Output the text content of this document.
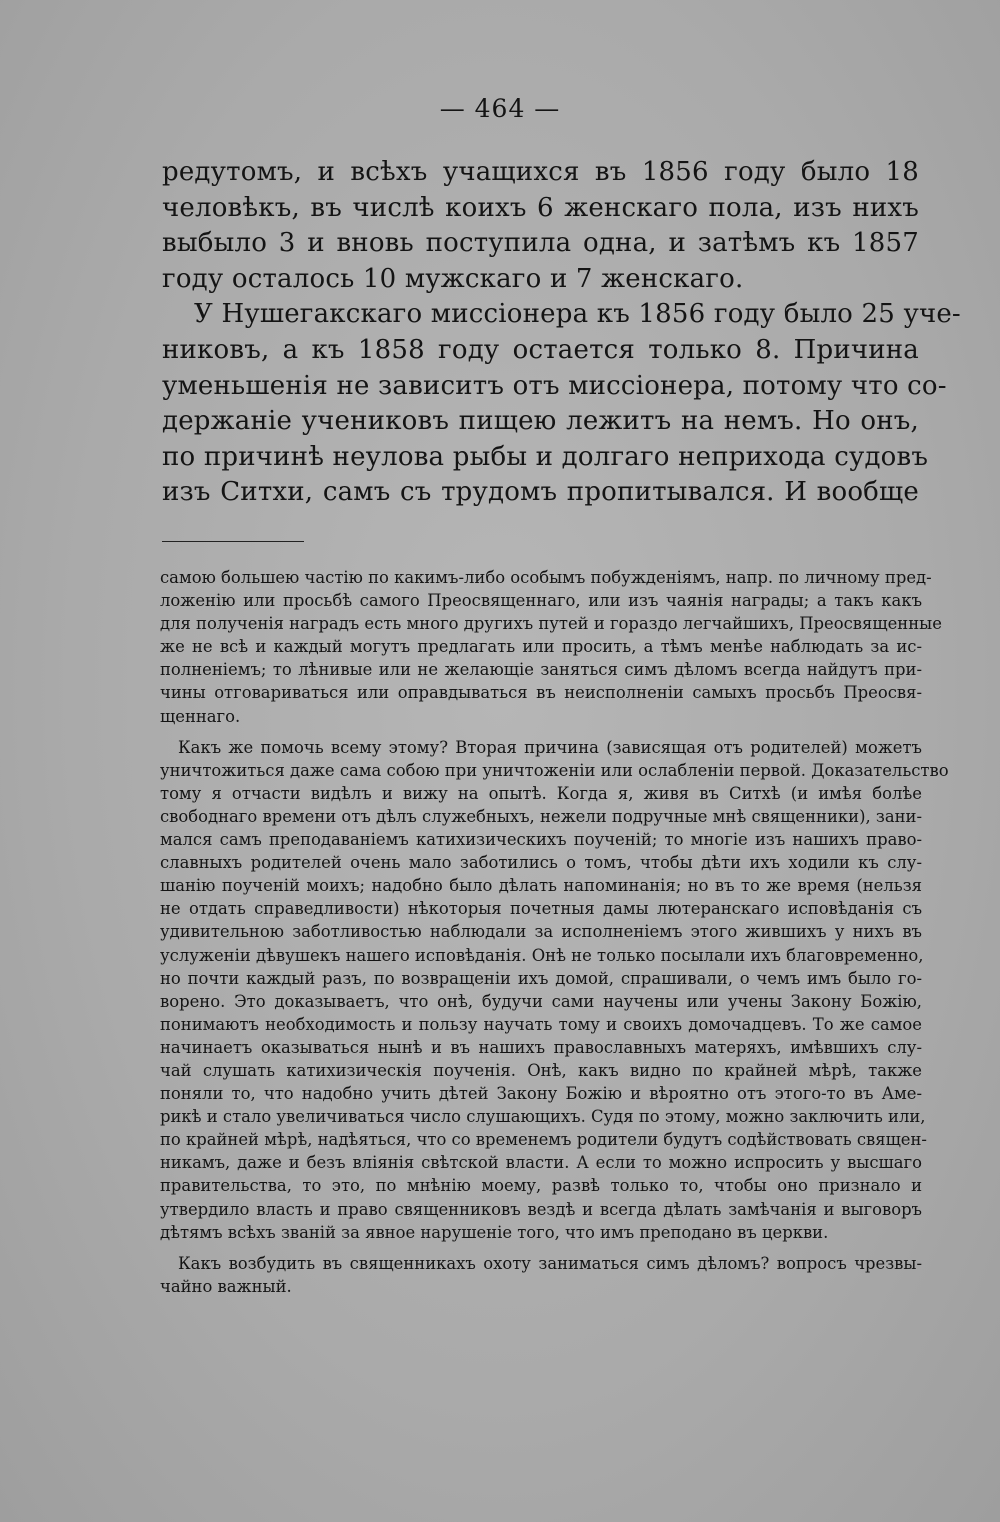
— 464 —
редутомъ, и всѣхъ учащихся въ 1856 году было 18
человѣкъ, въ числѣ коихъ 6 женскаго пола, изъ нихъ
выбыло 3 и вновь поступила одна, и затѣмъ къ 1857
году осталось 10 мужскаго и 7 женскаго.
У Нушегакскаго миссіонера къ 1856 году было 25 уче-
никовъ, а къ 1858 году остается только 8. Причина
уменьшенія не зависитъ отъ миссіонера, потому что со-
держаніе учениковъ пищею лежитъ на немъ. Но онъ,
по причинѣ неулова рыбы и долгаго неприхода судовъ
изъ Ситхи, самъ съ трудомъ пропитывался. И вообще
самою большею частію по какимъ-либо особымъ побужденіямъ, напр. по личному пред-
ложенію или просьбѣ самого Преосвященнаго, или изъ чаянія награды; а такъ какъ
для полученія наградъ есть много другихъ путей и гораздо легчайшихъ, Преосвященные
же не всѣ и каждый могутъ предлагать или просить, а тѣмъ менѣе наблюдать за ис-
полненіемъ; то лѣнивые или не желающіе заняться симъ дѣломъ всегда найдутъ при-
чины отговариваться или оправдываться въ неисполненіи самыхъ просьбъ Преосвя-
щеннаго.
Какъ же помочь всему этому? Вторая причина (зависящая отъ родителей) можетъ
уничтожиться даже сама собою при уничтоженіи или ослабленіи первой. Доказательство
тому я отчасти видѣлъ и вижу на опытѣ. Когда я, живя въ Ситхѣ (и имѣя болѣе
свободнаго времени отъ дѣлъ служебныхъ, нежели подручные мнѣ священники), зани-
мался самъ преподаваніемъ катихизическихъ поученій; то многіе изъ нашихъ право-
славныхъ родителей очень мало заботились о томъ, чтобы дѣти ихъ ходили къ слу-
шанію поученій моихъ; надобно было дѣлать напоминанія; но въ то же время (нельзя
не отдать справедливости) нѣкоторыя почетныя дамы лютеранскаго исповѣданія съ
удивительною заботливостью наблюдали за исполненіемъ этого жившихъ у нихъ въ
услуженіи дѣвушекъ нашего исповѣданія. Онѣ не только посылали ихъ благовременно,
но почти каждый разъ, по возвращеніи ихъ домой, спрашивали, о чемъ имъ было го-
ворено. Это доказываетъ, что онѣ, будучи сами научены или учены Закону Божію,
понимаютъ необходимость и пользу научать тому и своихъ домочадцевъ. То же самое
начинаетъ оказываться нынѣ и въ нашихъ православныхъ матеряхъ, имѣвшихъ слу-
чай слушать катихизическія поученія. Онѣ, какъ видно по крайней мѣрѣ, также
поняли то, что надобно учить дѣтей Закону Божію и вѣроятно отъ этого-то въ Аме-
рикѣ и стало увеличиваться число слушающихъ. Судя по этому, можно заключить или,
по крайней мѣрѣ, надѣяться, что со временемъ родители будутъ содѣйствовать священ-
никамъ, даже и безъ вліянія свѣтской власти. А если то можно испросить у высшаго
правительства, то это, по мнѣнію моему, развѣ только то, чтобы оно признало и
утвердило власть и право священниковъ вездѣ и всегда дѣлать замѣчанія и выговоръ
дѣтямъ всѣхъ званій за явное нарушеніе того, что имъ преподано въ церкви.
Какъ возбудить въ священникахъ охоту заниматься симъ дѣломъ? вопросъ чрезвы-
чайно важный.
